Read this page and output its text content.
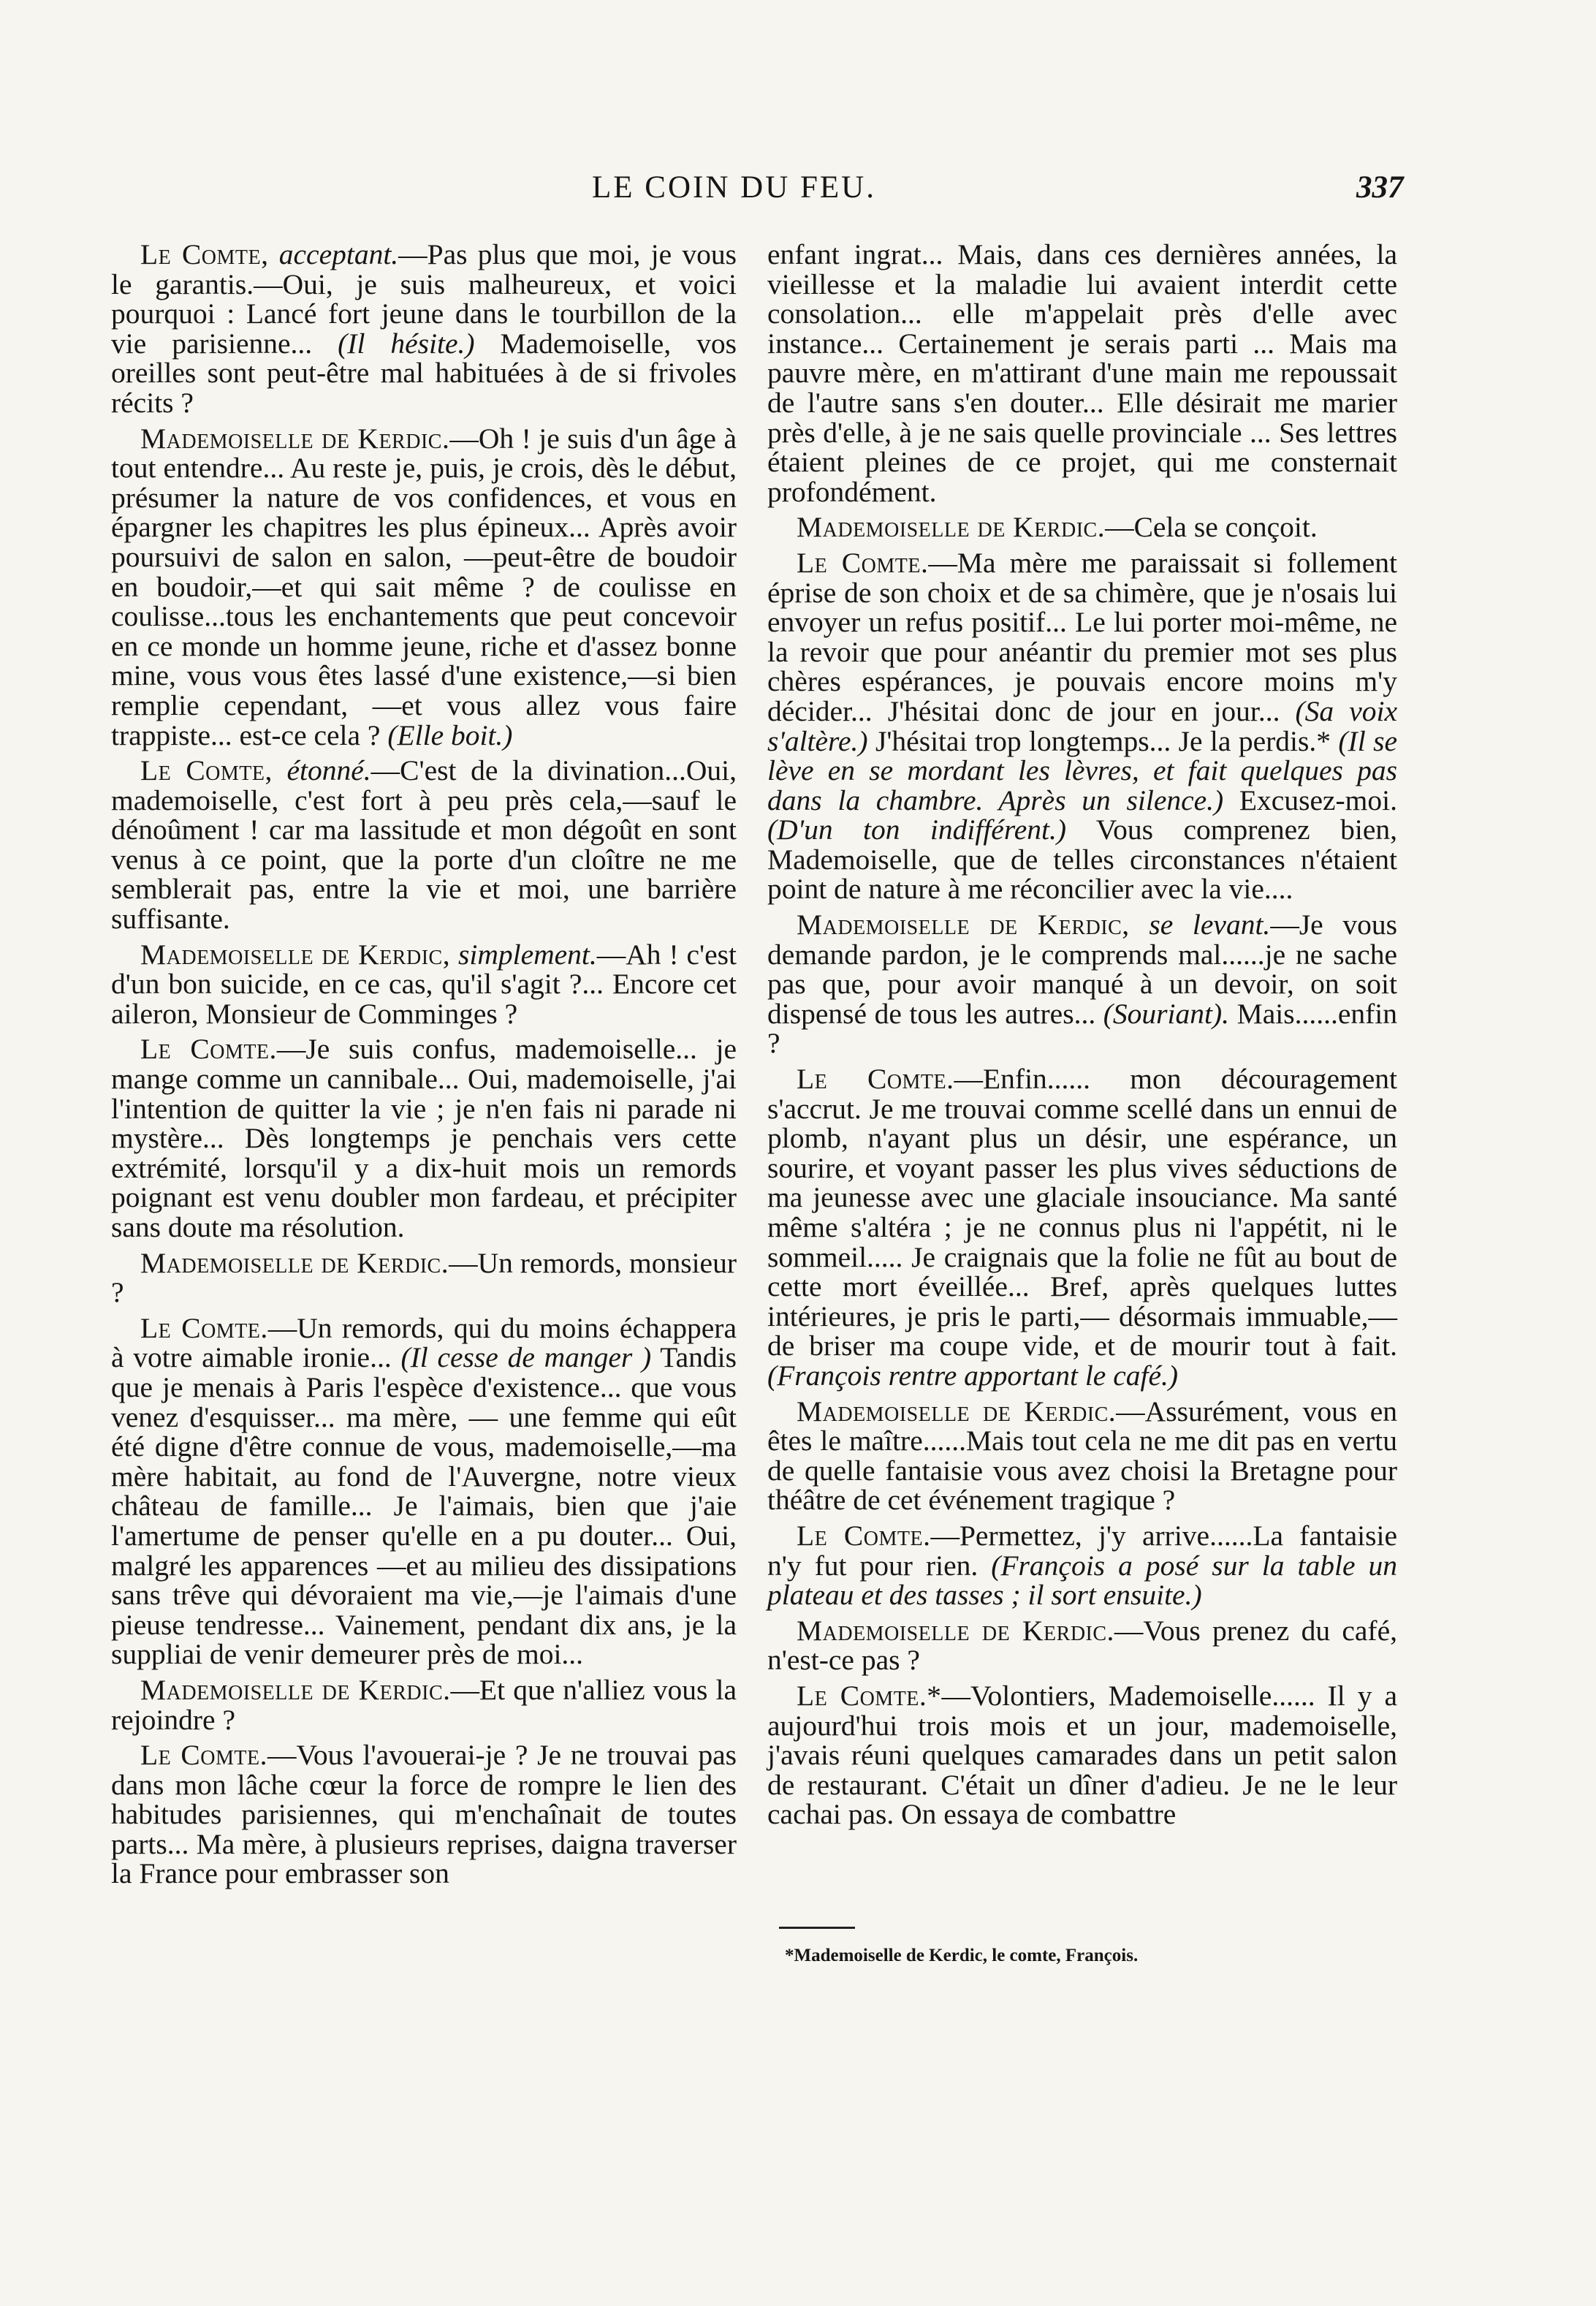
LE COIN DU FEU.	337

Le Comte, acceptant.—Pas plus que moi, je vous le garantis.—Oui, je suis malheureux, et voici pourquoi : Lancé fort jeune dans le tourbillon de la vie parisienne... (Il hésite.) Mademoiselle, vos oreilles sont peut-être mal habituées à de si frivoles récits ?

Mademoiselle de Kerdic.—Oh ! je suis d'un âge à tout entendre... Au reste je, puis, je crois, dès le début, présumer la nature de vos confidences, et vous en épargner les chapitres les plus épineux... Après avoir poursuivi de salon en salon, —peut-être de boudoir en boudoir,—et qui sait même ? de coulisse en coulisse...tous les enchantements que peut concevoir en ce monde un homme jeune, riche et d'assez bonne mine, vous vous êtes lassé d'une existence,—si bien remplie cependant, —et vous allez vous faire trappiste... est-ce cela ? (Elle boit.)

Le Comte, étonné.—C'est de la divination...Oui, mademoiselle, c'est fort à peu près cela,—sauf le dénoûment ! car ma lassitude et mon dégoût en sont venus à ce point, que la porte d'un cloître ne me semblerait pas, entre la vie et moi, une barrière suffisante.

Mademoiselle de Kerdic, simplement.—Ah ! c'est d'un bon suicide, en ce cas, qu'il s'agit ?... Encore cet aileron, Monsieur de Comminges ?

Le Comte.—Je suis confus, mademoiselle... je mange comme un cannibale... Oui, mademoiselle, j'ai l'intention de quitter la vie ; je n'en fais ni parade ni mystère... Dès longtemps je penchais vers cette extrémité, lorsqu'il y a dix-huit mois un remords poignant est venu doubler mon fardeau, et précipiter sans doute ma résolution.

Mademoiselle de Kerdic.—Un remords, monsieur ?

Le Comte.—Un remords, qui du moins échappera à votre aimable ironie... (Il cesse de manger ) Tandis que je menais à Paris l'espèce d'existence... que vous venez d'esquisser... ma mère, — une femme qui eût été digne d'être connue de vous, mademoiselle,—ma mère habitait, au fond de l'Auvergne, notre vieux château de famille... Je l'aimais, bien que j'aie l'amertume de penser qu'elle en a pu douter... Oui, malgré les apparences —et au milieu des dissipations sans trêve qui dévoraient ma vie,—je l'aimais d'une pieuse tendresse... Vainement, pendant dix ans, je la suppliai de venir demeurer près de moi...

Mademoiselle de Kerdic.—Et que n'alliez vous la rejoindre ?

Le Comte.—Vous l'avouerai-je ? Je ne trouvai pas dans mon lâche cœur la force de rompre le lien des habitudes parisiennes, qui m'enchaînait de toutes parts... Ma mère, à plusieurs reprises, daigna traverser la France pour embrasser son

enfant ingrat... Mais, dans ces dernières années, la vieillesse et la maladie lui avaient interdit cette consolation... elle m'appelait près d'elle avec instance... Certainement je serais parti ... Mais ma pauvre mère, en m'attirant d'une main me repoussait de l'autre sans s'en douter... Elle désirait me marier près d'elle, à je ne sais quelle provinciale ... Ses lettres étaient pleines de ce projet, qui me consternait profondément.

Mademoiselle de Kerdic.—Cela se conçoit.

Le Comte.—Ma mère me paraissait si follement éprise de son choix et de sa chimère, que je n'osais lui envoyer un refus positif... Le lui porter moi-même, ne la revoir que pour anéantir du premier mot ses plus chères espérances, je pouvais encore moins m'y décider... J'hésitai donc de jour en jour... (Sa voix s'altère.) J'hésitai trop longtemps... Je la perdis.* (Il se lève en se mordant les lèvres, et fait quelques pas dans la chambre. Après un silence.) Excusez-moi. (D'un ton indifférent.) Vous comprenez bien, Mademoiselle, que de telles circonstances n'étaient point de nature à me réconcilier avec la vie....

Mademoiselle de Kerdic, se levant.—Je vous demande pardon, je le comprends mal......je ne sache pas que, pour avoir manqué à un devoir, on soit dispensé de tous les autres... (Souriant). Mais......enfin ?

Le Comte.—Enfin...... mon découragement s'accrut. Je me trouvai comme scellé dans un ennui de plomb, n'ayant plus un désir, une espérance, un sourire, et voyant passer les plus vives séductions de ma jeunesse avec une glaciale insouciance. Ma santé même s'altéra ; je ne connus plus ni l'appétit, ni le sommeil..... Je craignais que la folie ne fût au bout de cette mort éveillée... Bref, après quelques luttes intérieures, je pris le parti,— désormais immuable,—de briser ma coupe vide, et de mourir tout à fait. (François rentre apportant le café.)

Mademoiselle de Kerdic.—Assurément, vous en êtes le maître......Mais tout cela ne me dit pas en vertu de quelle fantaisie vous avez choisi la Bretagne pour théâtre de cet événement tragique ?

Le Comte.—Permettez, j'y arrive......La fantaisie n'y fut pour rien. (François a posé sur la table un plateau et des tasses ; il sort ensuite.)

Mademoiselle de Kerdic.—Vous prenez du café, n'est-ce pas ?

Le Comte.*—Volontiers, Mademoiselle...... Il y a aujourd'hui trois mois et un jour, mademoiselle, j'avais réuni quelques camarades dans un petit salon de restaurant. C'était un dîner d'adieu. Je ne le leur cachai pas. On essaya de combattre

*Mademoiselle de Kerdic, le comte, François.
